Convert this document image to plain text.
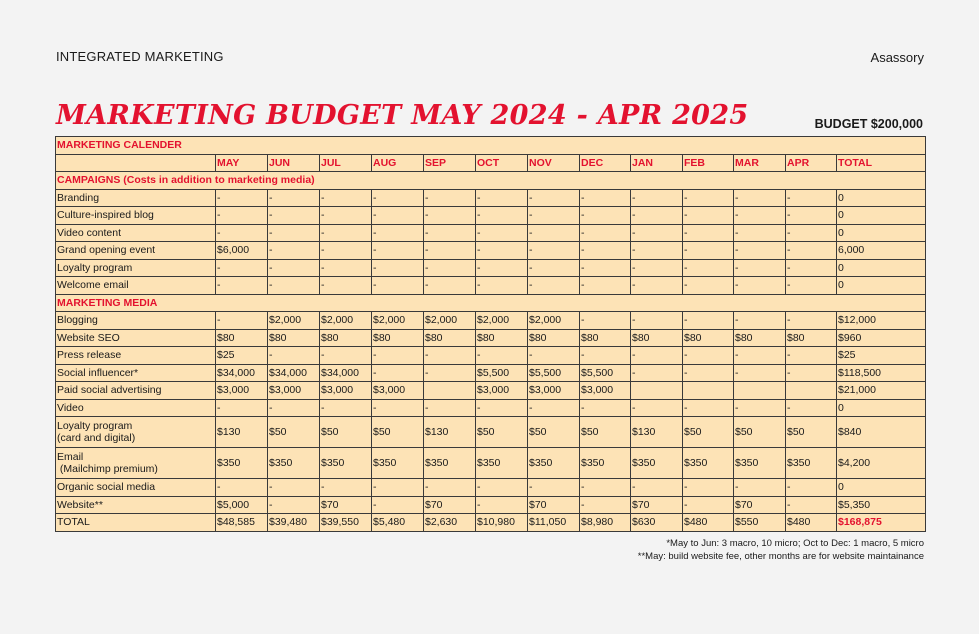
INTEGRATED MARKETING	Asassory
MARKETING BUDGET MAY 2024 - APR 2025	BUDGET $200,000
MARKETING CALENDER													
	MAY	JUN	JUL	AUG	SEP	OCT	NOV	DEC	JAN	FEB	MAR	APR	TOTAL
CAMPAIGNS (Costs in addition to marketing media)													
Branding	-	-	-	-	-	-	-	-	-	-	-	-	0
Culture-inspired blog	-	-	-	-	-	-	-	-	-	-	-	-	0
Video content	-	-	-	-	-	-	-	-	-	-	-	-	0
Grand opening event	$6,000	-	-	-	-	-	-	-	-	-	-	-	6,000
Loyalty program	-	-	-	-	-	-	-	-	-	-	-	-	0
Welcome email	-	-	-	-	-	-	-	-	-	-	-	-	0
MARKETING MEDIA													
Blogging	-	$2,000	$2,000	$2,000	$2,000	$2,000	$2,000	-	-	-	-	-	$12,000
Website SEO	$80	$80	$80	$80	$80	$80	$80	$80	$80	$80	$80	$80	$960
Press release	$25	-	-	-	-	-	-	-	-	-	-	-	$25
Social influencer*	$34,000	$34,000	$34,000	-	-	$5,500	$5,500	$5,500	-	-	-	-	$118,500
Paid social advertising	$3,000	$3,000	$3,000	$3,000		$3,000	$3,000	$3,000					$21,000
Video	-	-	-	-	-	-	-	-	-	-	-	-	0

Loyalty program
(card and digital)	$130	$50	$50	$50	$130	$50	$50	$50	$130	$50	$50	$50	$840

Email
(Mailchimp premium)	$350	$350	$350	$350	$350	$350	$350	$350	$350	$350	$350	$350	$4,200
Organic social media	-	-	-	-	-	-	-	-	-	-	-	-	0
Website**	$5,000	-	$70	-	$70	-	$70	-	$70	-	$70	-	$5,350
TOTAL	$48,585	$39,480	$39,550	$5,480	$2,630	$10,980	$11,050	$8,980	$630	$480	$550	$480	$168,875
*May to Jun: 3 macro, 10 micro; Oct to Dec: 1 macro, 5 micro
**May: build website fee, other months are for website maintainance
